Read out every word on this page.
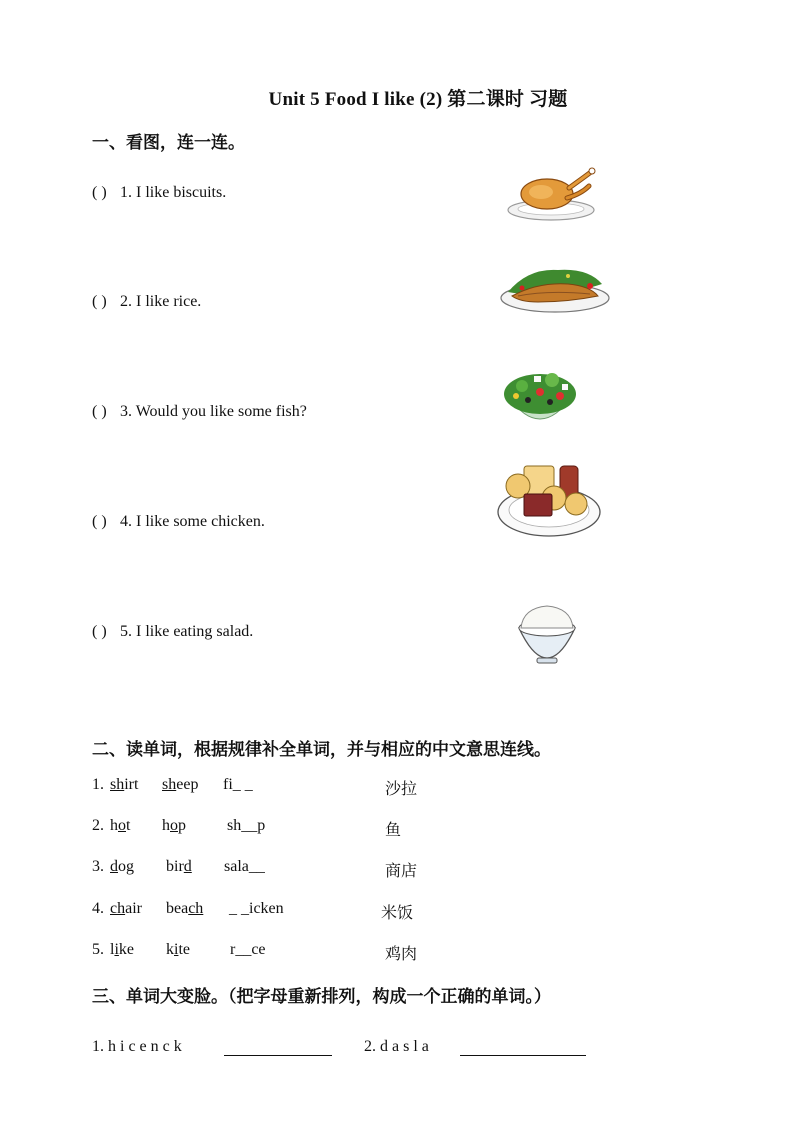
Unit 5 Food I like (2) 第二课时 习题
一、看图，连一连。
( ) 1. I like biscuits.
( ) 2. I like rice.
( ) 3. Would you like some fish?
( ) 4. I like some chicken.
( ) 5. I like eating salad.
二、读单词，根据规律补全单词，并与相应的中文意思连线。
1. shirt sheep fi_ _	沙拉
2. hot hop	sh__p	鱼
3. dog bird sala__	商店
4. chair beach _ _icken	米饭
5. like kite	r__ce	鸡肉
三、单词大变脸。（把字母重新排列，构成一个正确的单词。）
1. h i c e n c k	2. d a s l a
